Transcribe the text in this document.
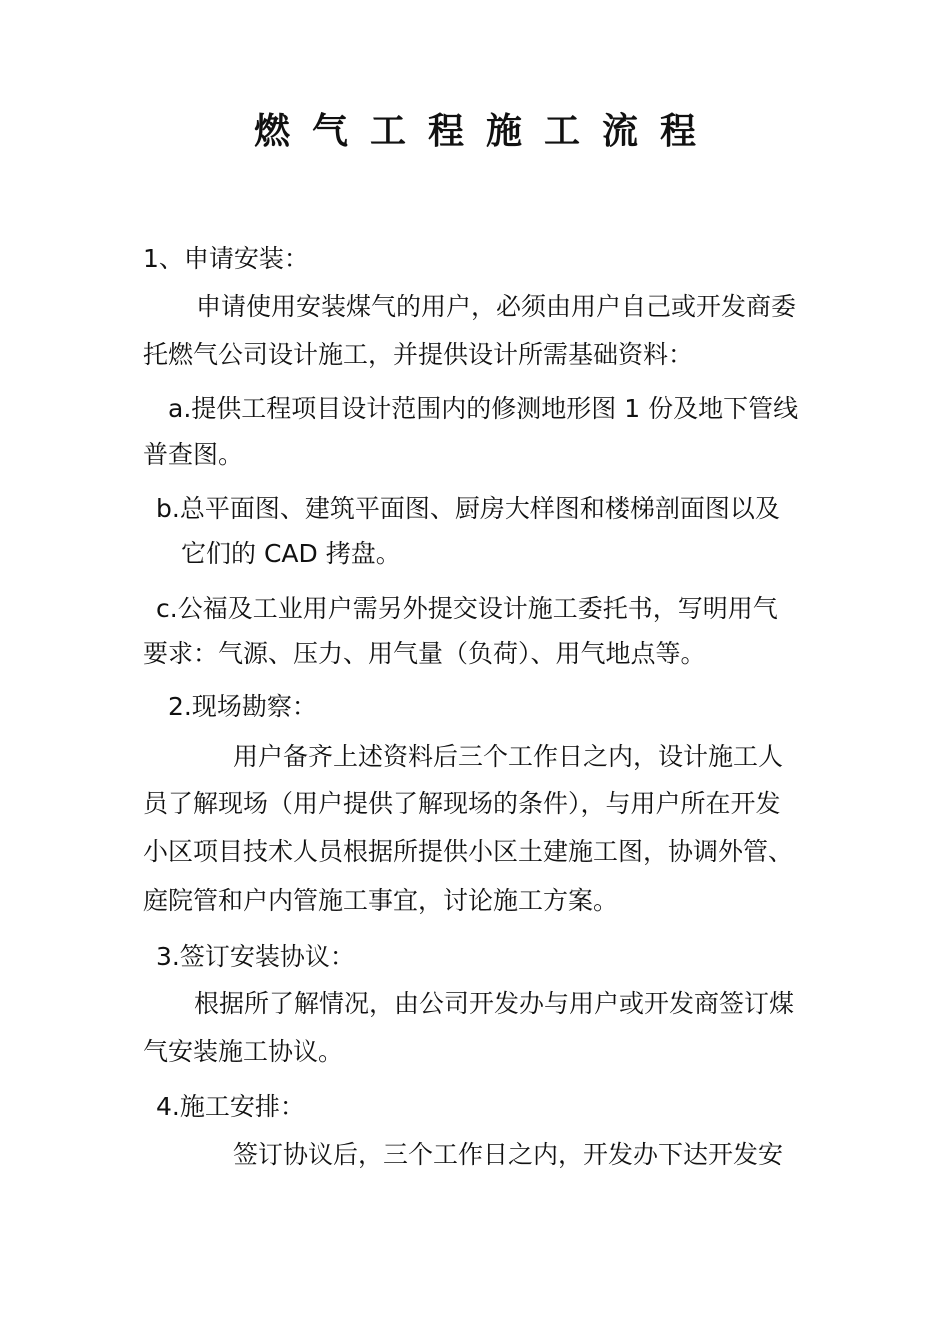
燃气工程施工流程
1、申请安装：
申请使用安装煤气的用户，必须由用户自己或开发商委
托燃气公司设计施工，并提供设计所需基础资料：
a.提供工程项目设计范围内的修测地形图 1 份及地下管线
普查图。
b.总平面图、建筑平面图、厨房大样图和楼梯剖面图以及
它们的 CAD 拷盘。
c.公福及工业用户需另外提交设计施工委托书，写明用气
要求：气源、压力、用气量（负荷）、用气地点等。
2.现场勘察：
用户备齐上述资料后三个工作日之内，设计施工人
员了解现场（用户提供了解现场的条件），与用户所在开发
小区项目技术人员根据所提供小区土建施工图，协调外管、
庭院管和户内管施工事宜，讨论施工方案。
3.签订安装协议：
根据所了解情况，由公司开发办与用户或开发商签订煤
气安装施工协议。
4.施工安排：
签订协议后，三个工作日之内，开发办下达开发安
